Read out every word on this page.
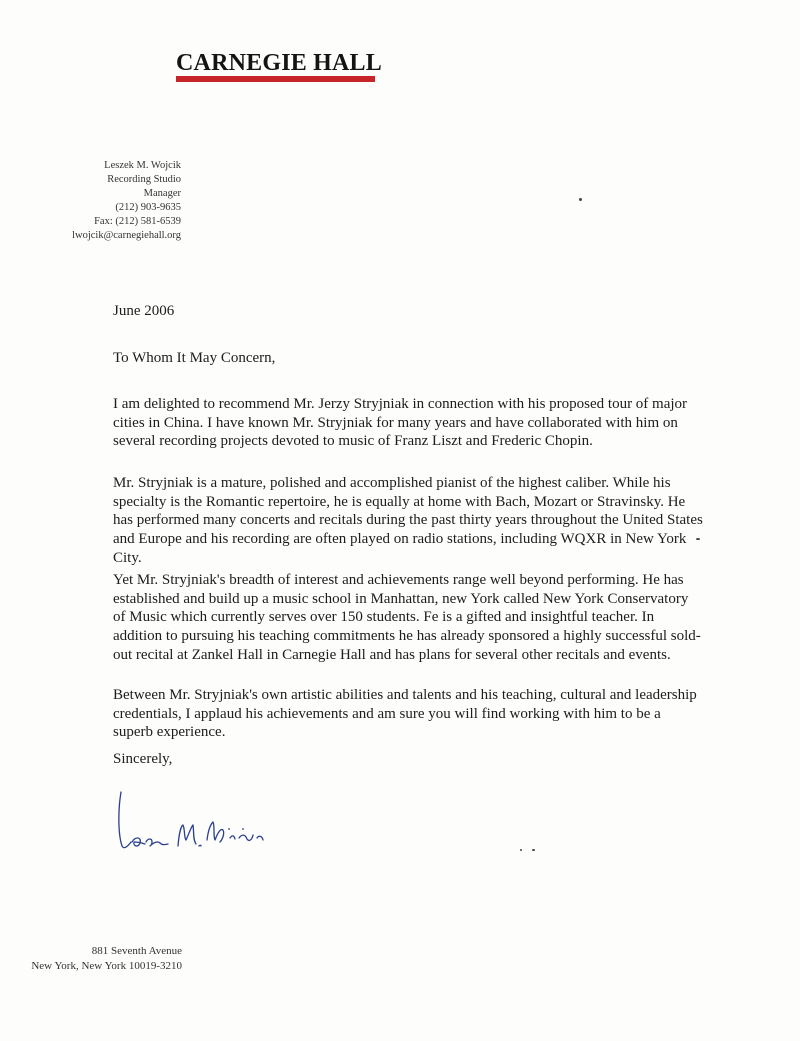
CARNEGIE HALL
Leszek M. Wojcik
Recording Studio
Manager
(212) 903-9635
Fax: (212) 581-6539
lwojcik@carnegiehall.org
June 2006
To Whom It May Concern,

I am delighted to recommend Mr. Jerzy Stryjniak in connection with his proposed tour of major cities in China. I have known Mr. Stryjniak for many years and have collaborated with him on several recording projects devoted to music of Franz Liszt and Frederic Chopin.

Mr. Stryjniak is a mature, polished and accomplished pianist of the highest caliber. While his specialty is the Romantic repertoire, he is equally at home with Bach, Mozart or Stravinsky. He has performed many concerts and recitals during the past thirty years throughout the United States and Europe and his recording are often played on radio stations, including WQXR in New York City.

Yet Mr. Stryjniak's breadth of interest and achievements range well beyond performing. He has established and build up a music school in Manhattan, new York called New York Conservatory of Music which currently serves over 150 students. Fe is a gifted and insightful teacher. In addition to pursuing his teaching commitments he has already sponsored a highly successful sold-out recital at Zankel Hall in Carnegie Hall and has plans for several other recitals and events.

Between Mr. Stryjniak's own artistic abilities and talents and his teaching, cultural and leadership credentials, I applaud his achievements and am sure you will find working with him to be a superb experience.

Sincerely,
881 Seventh Avenue
New York, New York 10019-3210
